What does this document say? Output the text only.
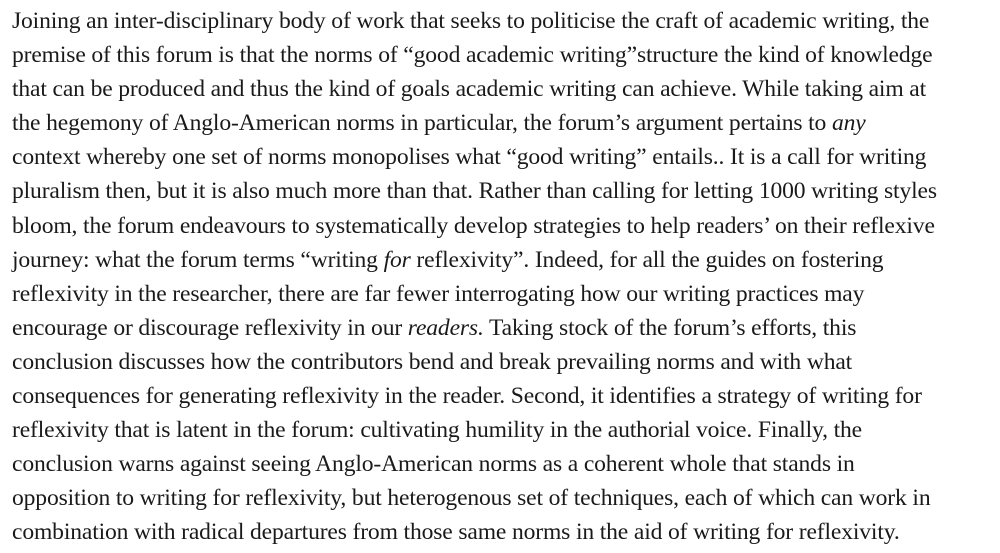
Joining an inter-disciplinary body of work that seeks to politicise the craft of academic writing, the
premise of this forum is that the norms of “good academic writing”structure the kind of knowledge
that can be produced and thus the kind of goals academic writing can achieve. While taking aim at
the hegemony of Anglo-American norms in particular, the forum’s argument pertains to any
context whereby one set of norms monopolises what “good writing” entails.. It is a call for writing
pluralism then, but it is also much more than that. Rather than calling for letting 1000 writing styles
bloom, the forum endeavours to systematically develop strategies to help readers’ on their reflexive
journey: what the forum terms “writing for reflexivity”. Indeed, for all the guides on fostering
reflexivity in the researcher, there are far fewer interrogating how our writing practices may
encourage or discourage reflexivity in our readers. Taking stock of the forum’s efforts, this
conclusion discusses how the contributors bend and break prevailing norms and with what
consequences for generating reflexivity in the reader. Second, it identifies a strategy of writing for
reflexivity that is latent in the forum: cultivating humility in the authorial voice. Finally, the
conclusion warns against seeing Anglo-American norms as a coherent whole that stands in
opposition to writing for reflexivity, but heterogenous set of techniques, each of which can work in
combination with radical departures from those same norms in the aid of writing for reflexivity.
